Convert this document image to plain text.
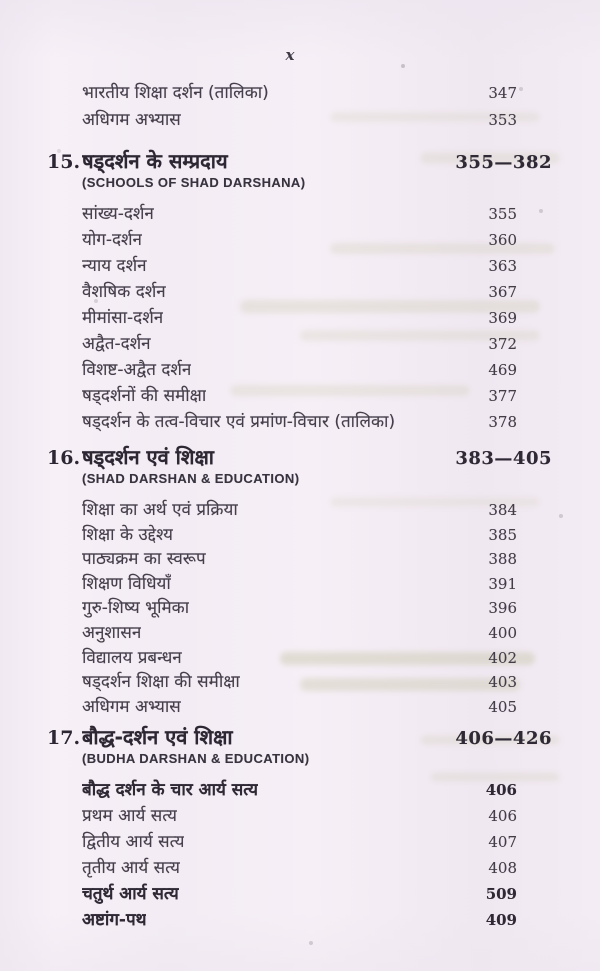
x
भारतीय शिक्षा दर्शन (तालिका)	347
अधिगम अभ्यास	353
15. षड्दर्शन के सम्प्रदाय	355—382
(SCHOOLS OF SHAD DARSHANA)
सांख्य-दर्शन	355
योग-दर्शन	360
न्याय दर्शन	363
वैशषिक दर्शन	367
मीमांसा-दर्शन	369
अद्वैत-दर्शन	372
विशष्ट-अद्वैत दर्शन	469
षड्दर्शनों की समीक्षा	377
षड्दर्शन के तत्व-विचार एवं प्रमांण-विचार (तालिका)	378
16. षड्दर्शन एवं शिक्षा	383—405
(SHAD DARSHAN & EDUCATION)
शिक्षा का अर्थ एवं प्रक्रिया	384
शिक्षा के उद्देश्य	385
पाठ्यक्रम का स्वरूप	388
शिक्षण विधियाँ	391
गुरु-शिष्य भूमिका	396
अनुशासन	400
विद्यालय प्रबन्धन	402
षड्दर्शन शिक्षा की समीक्षा	403
अधिगम अभ्यास	405
17. बौद्ध-दर्शन एवं शिक्षा	406—426
(BUDHA DARSHAN & EDUCATION)
बौद्ध दर्शन के चार आर्य सत्य	406
प्रथम आर्य सत्य	406
द्वितीय आर्य सत्य	407
तृतीय आर्य सत्य	408
चतुर्थ आर्य सत्य	509
अष्टांग-पथ	409
